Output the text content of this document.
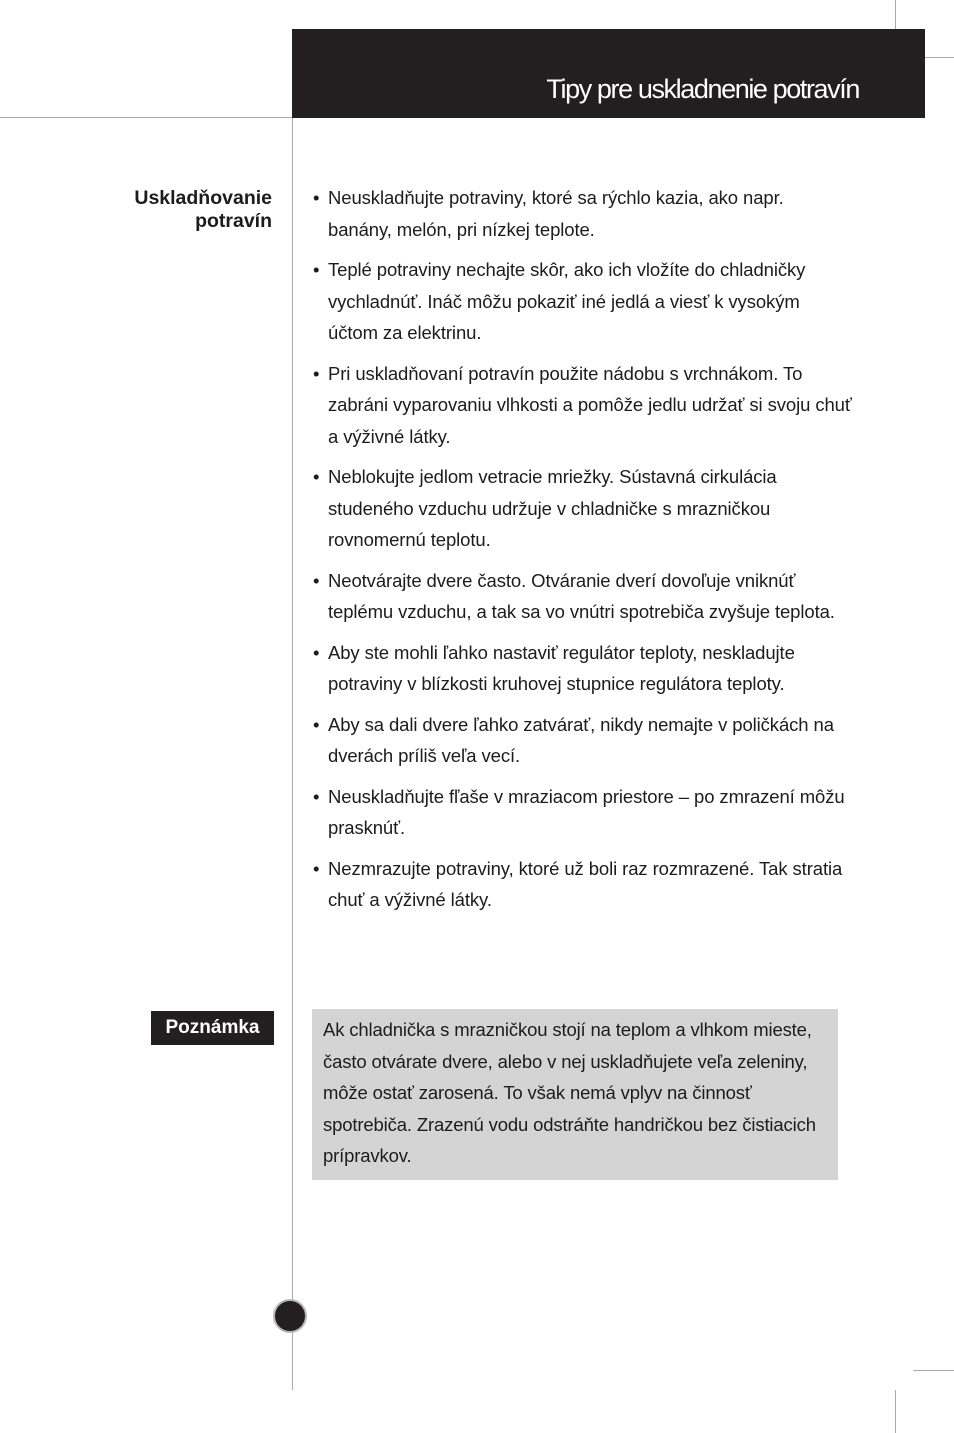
Tipy pre uskladnenie potravín
Uskladňovanie
potravín
• Neuskladňujte potraviny, ktoré sa rýchlo kazia, ako napr. banány, melón, pri nízkej teplote.
• Teplé potraviny nechajte skôr, ako ich vložíte do chladničky vychladnúť. Ináč môžu pokaziť iné jedlá a viesť k vysokým účtom za elektrinu.
• Pri uskladňovaní potravín použite nádobu s vrchnákom. To zabráni vyparovaniu vlhkosti a pomôže jedlu udržať si svoju chuť a výživné látky.
• Neblokujte jedlom vetracie mriežky. Sústavná cirkulácia studeného vzduchu udržuje v chladničke s mrazničkou rovnomernú teplotu.
• Neotvárajte dvere často. Otváranie dverí dovoľuje vniknúť teplému vzduchu, a tak sa vo vnútri spotrebiča zvyšuje teplota.
• Aby ste mohli ľahko nastaviť regulátor teploty, neskladujte potraviny v blízkosti kruhovej stupnice regulátora teploty.
• Aby sa dali dvere ľahko zatvárať, nikdy nemajte v poličkách na dverách príliš veľa vecí.
• Neuskladňujte fľaše v mraziacom priestore – po zmrazení môžu prasknúť.
• Nezmrazujte potraviny, ktoré už boli raz rozmrazené. Tak stratia chuť a výživné látky.
Poznámka	Ak chladnička s mrazničkou stojí na teplom a vlhkom mieste, často otvárate dvere, alebo v nej uskladňujete veľa zeleniny, môže ostať zarosená. To však nemá vplyv na činnosť spotrebiča. Zrazenú vodu odstráňte handričkou bez čistiacich prípravkov.
